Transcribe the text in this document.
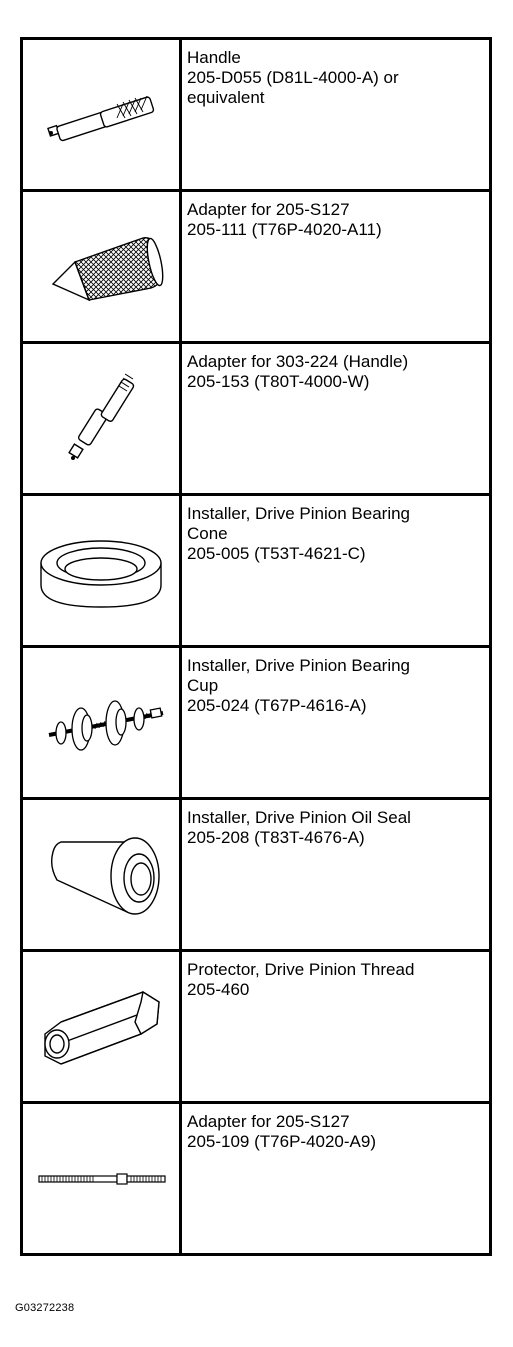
Handle
205-D055 (D81L-4000-A) or
equivalent

Adapter for 205-S127
205-111 (T76P-4020-A11)

Adapter for 303-224 (Handle)
205-153 (T80T-4000-W)

Installer, Drive Pinion Bearing
Cone
205-005 (T53T-4621-C)

Installer, Drive Pinion Bearing
Cup
205-024 (T67P-4616-A)

Installer, Drive Pinion Oil Seal
205-208 (T83T-4676-A)

Protector, Drive Pinion Thread
205-460

Adapter for 205-S127
205-109 (T76P-4020-A9)
G03272238
